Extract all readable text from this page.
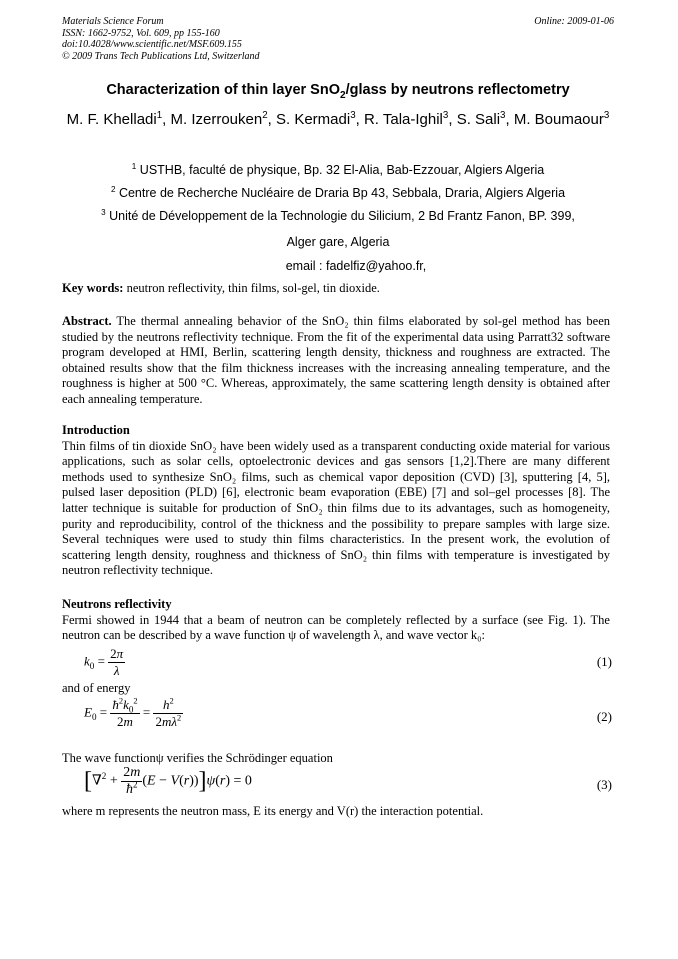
Materials Science Forum
ISSN: 1662-9752, Vol. 609, pp 155-160
doi:10.4028/www.scientific.net/MSF.609.155
© 2009 Trans Tech Publications Ltd, Switzerland
Online: 2009-01-06
Characterization of thin layer SnO$_2$/glass by neutrons reflectometry
M. F. Khelladi$^1$, M. Izerrouken$^2$, S. Kermadi$^3$, R. Tala-Ighil$^3$, S. Sali$^3$, M. Boumaour$^3$
$^1$ USTHB, faculté de physique, Bp. 32 El-Alia, Bab-Ezzouar, Algiers Algeria
$^2$ Centre de Recherche Nucléaire de Draria Bp 43, Sebbala, Draria, Algiers Algeria
$^3$ Unité de Développement de la Technologie du Silicium, 2 Bd Frantz Fanon, BP. 399,
Alger gare, Algeria
email : fadelfiz@yahoo.fr,
Key words: neutron reflectivity, thin films, sol-gel, tin dioxide.
Abstract. The thermal annealing behavior of the SnO₂ thin films elaborated by sol-gel method has been studied by the neutrons reflectivity technique. From the fit of the experimental data using Parratt32 software program developed at HMI, Berlin, scattering length density, thickness and roughness are extracted. The obtained results show that the film thickness increases with the increasing annealing temperature, and the roughness is higher at 500 °C. Whereas, approximately, the same scattering length density is obtained after each annealing temperature.
Introduction
Thin films of tin dioxide SnO₂ have been widely used as a transparent conducting oxide material for various applications, such as solar cells, optoelectronic devices and gas sensors [1,2].There are many different methods used to synthesize SnO₂ films, such as chemical vapor deposition (CVD) [3], sputtering [4, 5], pulsed laser deposition (PLD) [6], electronic beam evaporation (EBE) [7] and sol–gel processes [8]. The latter technique is suitable for production of SnO₂ thin films due to its advantages, such as homogeneity, purity and reproducibility, control of the thickness and the possibility to prepare samples with large size. Several techniques were used to study thin films characteristics. In the present work, the evolution of scattering length density, roughness and thickness of SnO₂ thin films with temperature is investigated by neutron reflectivity technique.
Neutrons reflectivity
Fermi showed in 1944 that a beam of neutron can be completely reflected by a surface (see Fig. 1). The neutron can be described by a wave function ψ of wavelength λ, and wave vector k₀:
$k_0 = \frac{2\pi}{\lambda}$	(1)
and of energy
$E_0 = \frac{ħ^2k_0^2}{2m} = \frac{h^2}{2m\lambda^2}$	(2)
The wave functionψ verifies the Schrödinger equation
$[\nabla^2 + \frac{2m}{ħ^2} (E - V(r))]\psi(r) = 0$	(3)
where m represents the neutron mass, E its energy and V(r) the interaction potential.
